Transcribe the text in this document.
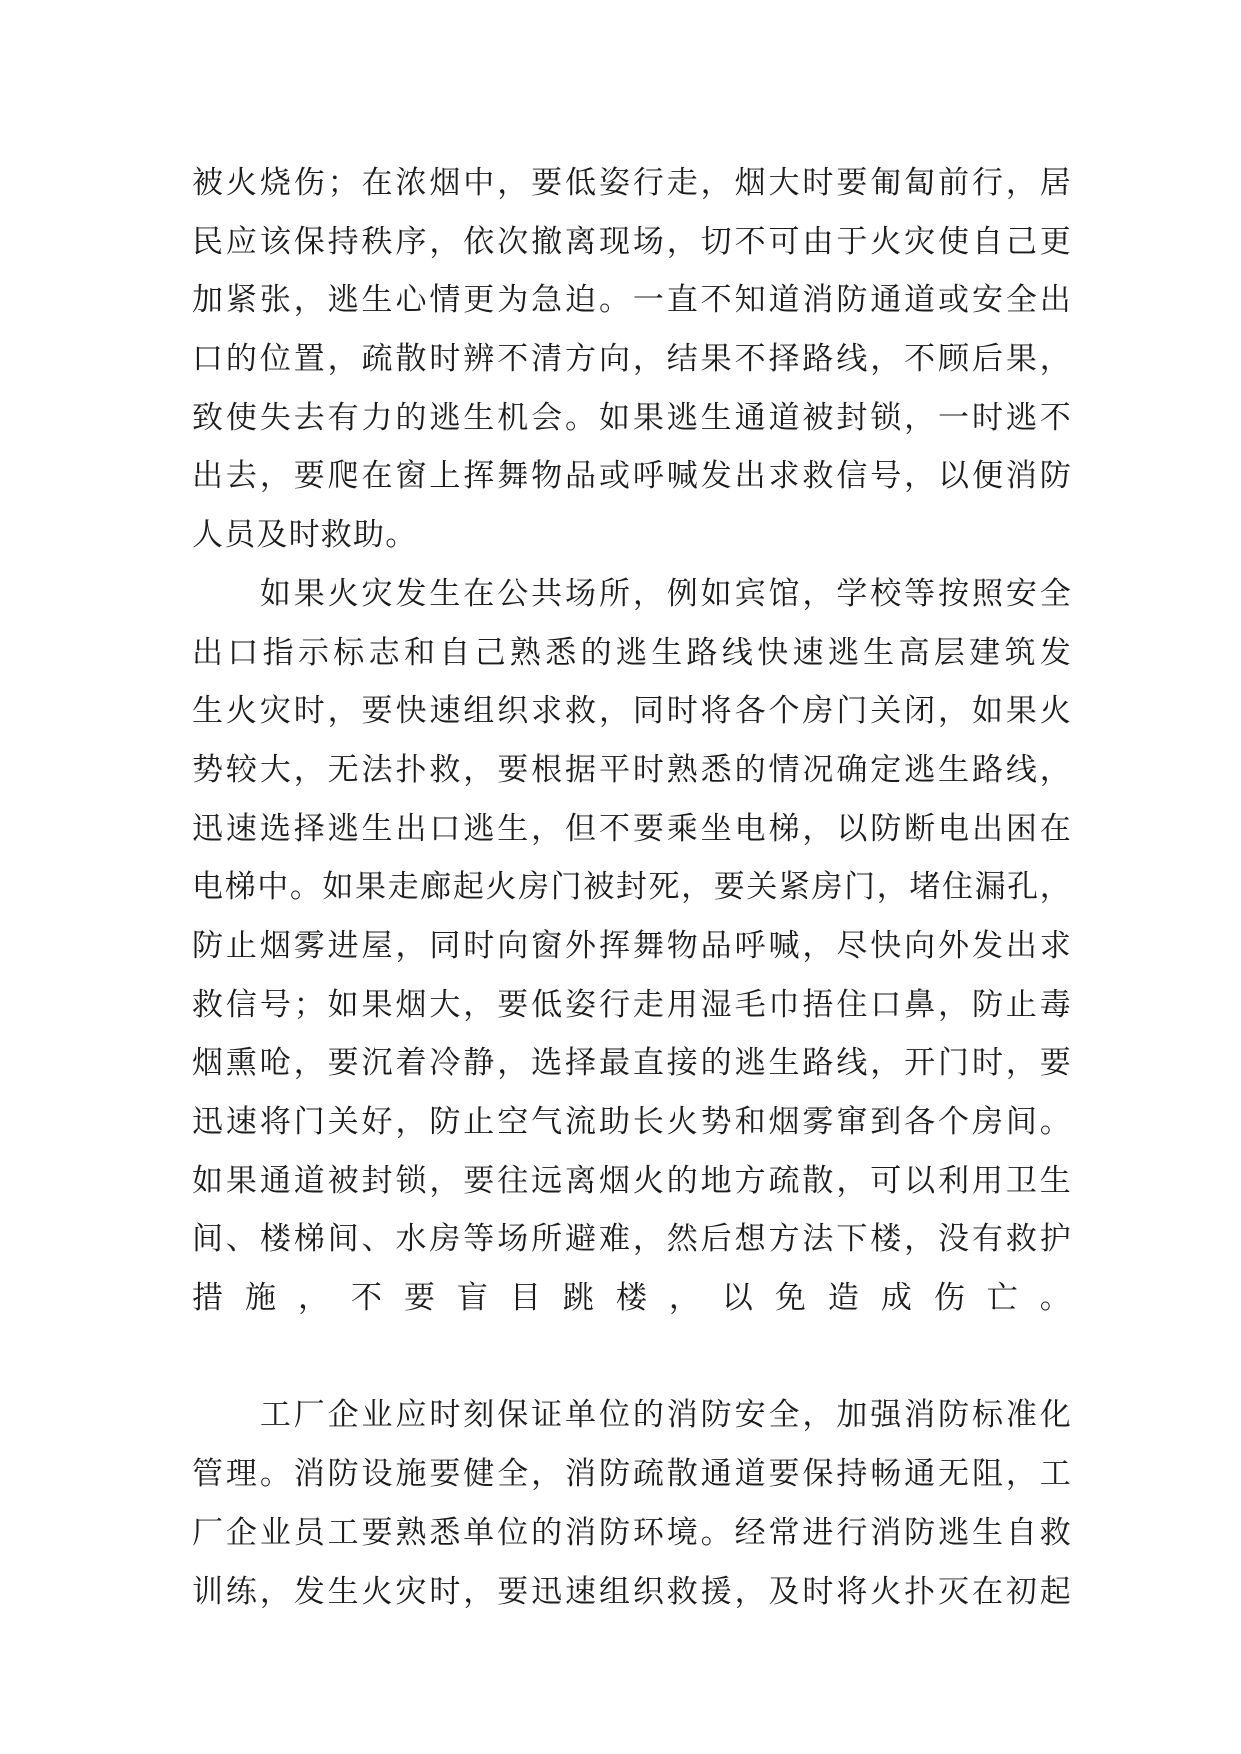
被火烧伤；在浓烟中，要低姿行走，烟大时要匍匐前行，居
民应该保持秩序，依次撤离现场，切不可由于火灾使自己更
加紧张，逃生心情更为急迫。一直不知道消防通道或安全出
口的位置，疏散时辨不清方向，结果不择路线，不顾后果，
致使失去有力的逃生机会。如果逃生通道被封锁，一时逃不
出去，要爬在窗上挥舞物品或呼喊发出求救信号，以便消防
人员及时救助。
　　如果火灾发生在公共场所，例如宾馆，学校等按照安全
出口指示标志和自己熟悉的逃生路线快速逃生高层建筑发
生火灾时，要快速组织求救，同时将各个房门关闭，如果火
势较大，无法扑救，要根据平时熟悉的情况确定逃生路线，
迅速选择逃生出口逃生，但不要乘坐电梯，以防断电出困在
电梯中。如果走廊起火房门被封死，要关紧房门，堵住漏孔，
防止烟雾进屋，同时向窗外挥舞物品呼喊，尽快向外发出求
救信号；如果烟大，要低姿行走用湿毛巾捂住口鼻，防止毒
烟熏呛，要沉着冷静，选择最直接的逃生路线，开门时，要
迅速将门关好，防止空气流助长火势和烟雾窜到各个房间。
如果通道被封锁，要往远离烟火的地方疏散，可以利用卫生
间、楼梯间、水房等场所避难，然后想方法下楼，没有救护
措施，不要盲目跳楼，以免造成伤亡。
　　工厂企业应时刻保证单位的消防安全，加强消防标准化
管理。消防设施要健全，消防疏散通道要保持畅通无阻，工
厂企业员工要熟悉单位的消防环境。经常进行消防逃生自救
训练，发生火灾时，要迅速组织救援，及时将火扑灭在初起
